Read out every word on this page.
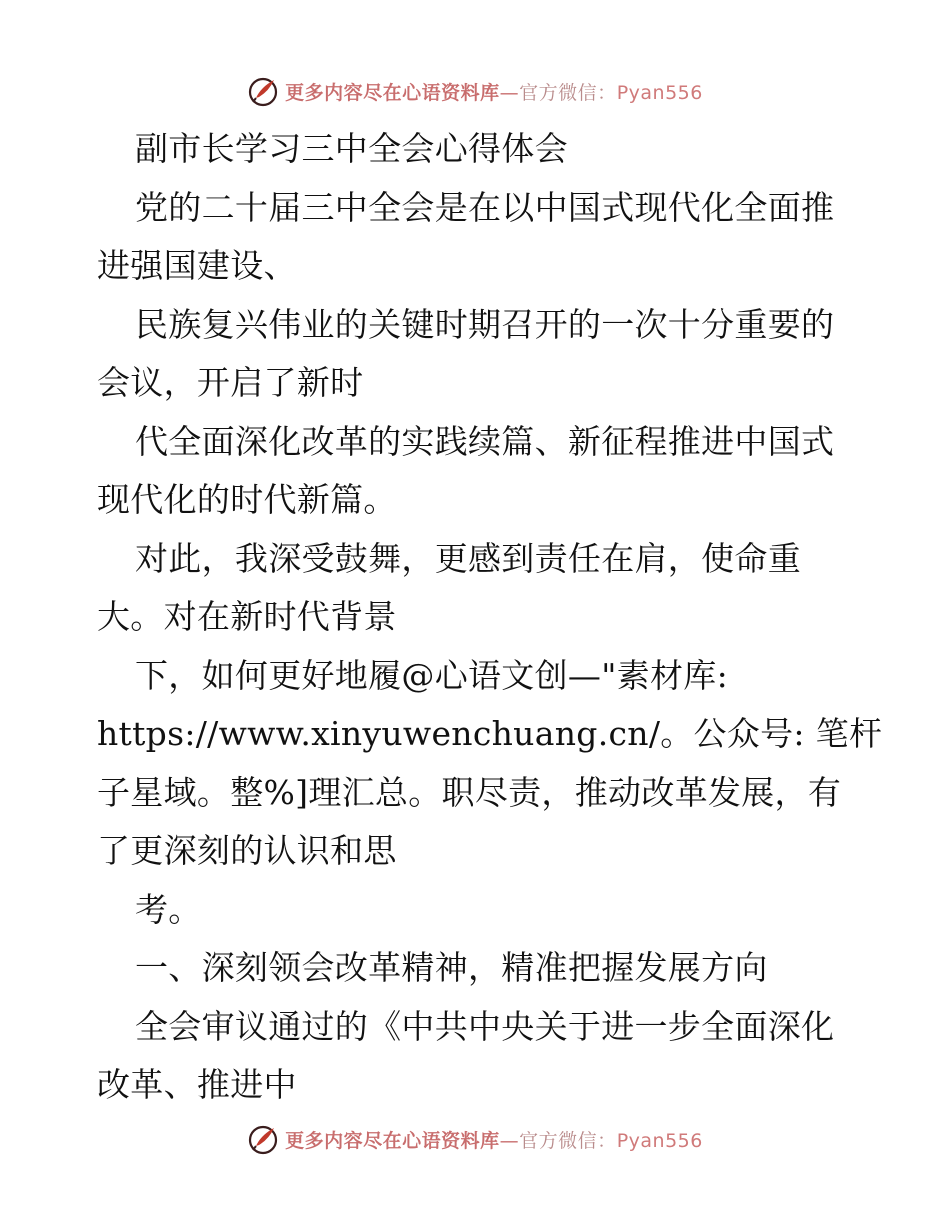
更多内容尽在心语资料库—官方微信：Pyan556
副市长学习三中全会心得体会
党的二十届三中全会是在以中国式现代化全面推
进强国建设、
民族复兴伟业的关键时期召开的一次十分重要的
会议，开启了新时
代全面深化改革的实践续篇、新征程推进中国式
现代化的时代新篇。
对此，我深受鼓舞，更感到责任在肩，使命重
大。对在新时代背景
下，如何更好地履@心语文创—"素材库:
https://www.xinyuwenchuang.cn/。公众号: 笔杆
子星域。整%]理汇总。职尽责，推动改革发展，有
了更深刻的认识和思
考。
一、深刻领会改革精神，精准把握发展方向
全会审议通过的《中共中央关于进一步全面深化
改革、推进中
更多内容尽在心语资料库—官方微信：Pyan556
